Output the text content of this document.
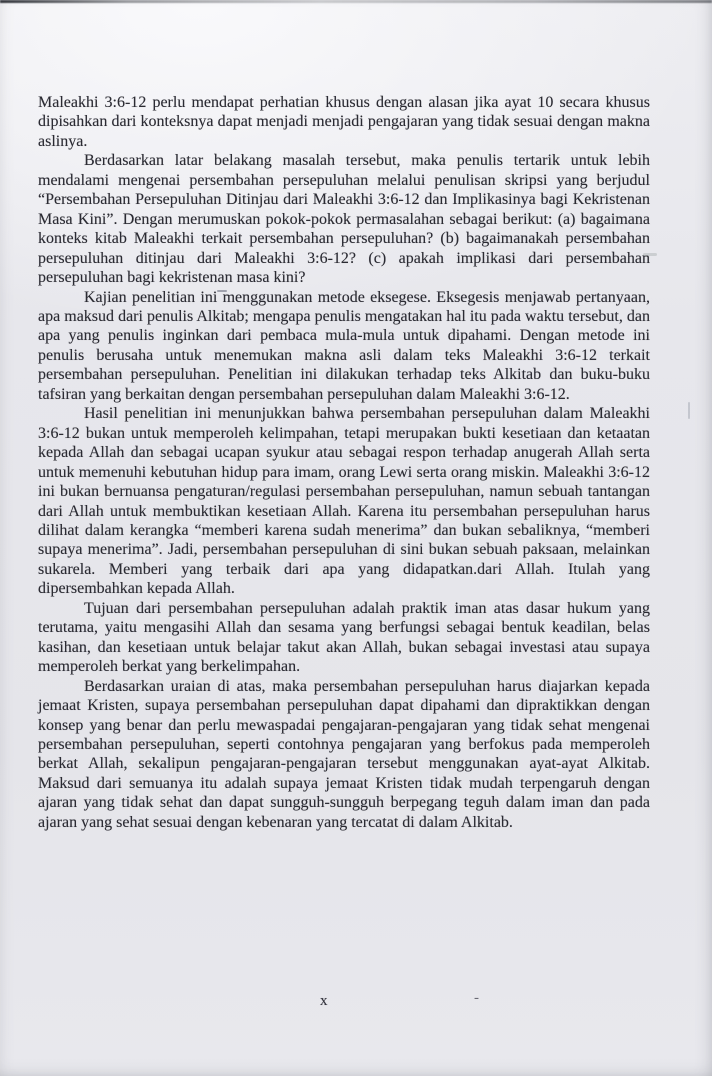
Maleakhi 3:6-12 perlu mendapat perhatian khusus dengan alasan jika ayat 10 secara khusus dipisahkan dari konteksnya dapat menjadi menjadi pengajaran yang tidak sesuai dengan makna aslinya.

Berdasarkan latar belakang masalah tersebut, maka penulis tertarik untuk lebih mendalami mengenai persembahan persepuluhan melalui penulisan skripsi yang berjudul “Persembahan Persepuluhan Ditinjau dari Maleakhi 3:6-12 dan Implikasinya bagi Kekristenan Masa Kini”. Dengan merumuskan pokok-pokok permasalahan sebagai berikut: (a) bagaimana konteks kitab Maleakhi terkait persembahan persepuluhan? (b) bagaimanakah persembahan persepuluhan ditinjau dari Maleakhi 3:6-12? (c) apakah implikasi dari persembahan persepuluhan bagi kekristenan masa kini?

Kajian penelitian ini menggunakan metode eksegese. Eksegesis menjawab pertanyaan, apa maksud dari penulis Alkitab; mengapa penulis mengatakan hal itu pada waktu tersebut, dan apa yang penulis inginkan dari pembaca mula-mula untuk dipahami. Dengan metode ini penulis berusaha untuk menemukan makna asli dalam teks Maleakhi 3:6-12 terkait persembahan persepuluhan. Penelitian ini dilakukan terhadap teks Alkitab dan buku-buku tafsiran yang berkaitan dengan persembahan persepuluhan dalam Maleakhi 3:6-12.

Hasil penelitian ini menunjukkan bahwa persembahan persepuluhan dalam Maleakhi 3:6-12 bukan untuk memperoleh kelimpahan, tetapi merupakan bukti kesetiaan dan ketaatan kepada Allah dan sebagai ucapan syukur atau sebagai respon terhadap anugerah Allah serta untuk memenuhi kebutuhan hidup para imam, orang Lewi serta orang miskin. Maleakhi 3:6-12 ini bukan bernuansa pengaturan/regulasi persembahan persepuluhan, namun sebuah tantangan dari Allah untuk membuktikan kesetiaan Allah. Karena itu persembahan persepuluhan harus dilihat dalam kerangka “memberi karena sudah menerima” dan bukan sebaliknya, “memberi supaya menerima”. Jadi, persembahan persepuluhan di sini bukan sebuah paksaan, melainkan sukarela. Memberi yang terbaik dari apa yang didapatkan.dari Allah. Itulah yang dipersembahkan kepada Allah.

Tujuan dari persembahan persepuluhan adalah praktik iman atas dasar hukum yang terutama, yaitu mengasihi Allah dan sesama yang berfungsi sebagai bentuk keadilan, belas kasihan, dan kesetiaan untuk belajar takut akan Allah, bukan sebagai investasi atau supaya memperoleh berkat yang berkelimpahan.

Berdasarkan uraian di atas, maka persembahan persepuluhan harus diajarkan kepada jemaat Kristen, supaya persembahan persepuluhan dapat dipahami dan dipraktikkan dengan konsep yang benar dan perlu mewaspadai pengajaran-pengajaran yang tidak sehat mengenai persembahan persepuluhan, seperti contohnya pengajaran yang berfokus pada memperoleh berkat Allah, sekalipun pengajaran-pengajaran tersebut menggunakan ayat-ayat Alkitab. Maksud dari semuanya itu adalah supaya jemaat Kristen tidak mudah terpengaruh dengan ajaran yang tidak sehat dan dapat sungguh-sungguh berpegang teguh dalam iman dan pada ajaran yang sehat sesuai dengan kebenaran yang tercatat di dalam Alkitab.

x	-
